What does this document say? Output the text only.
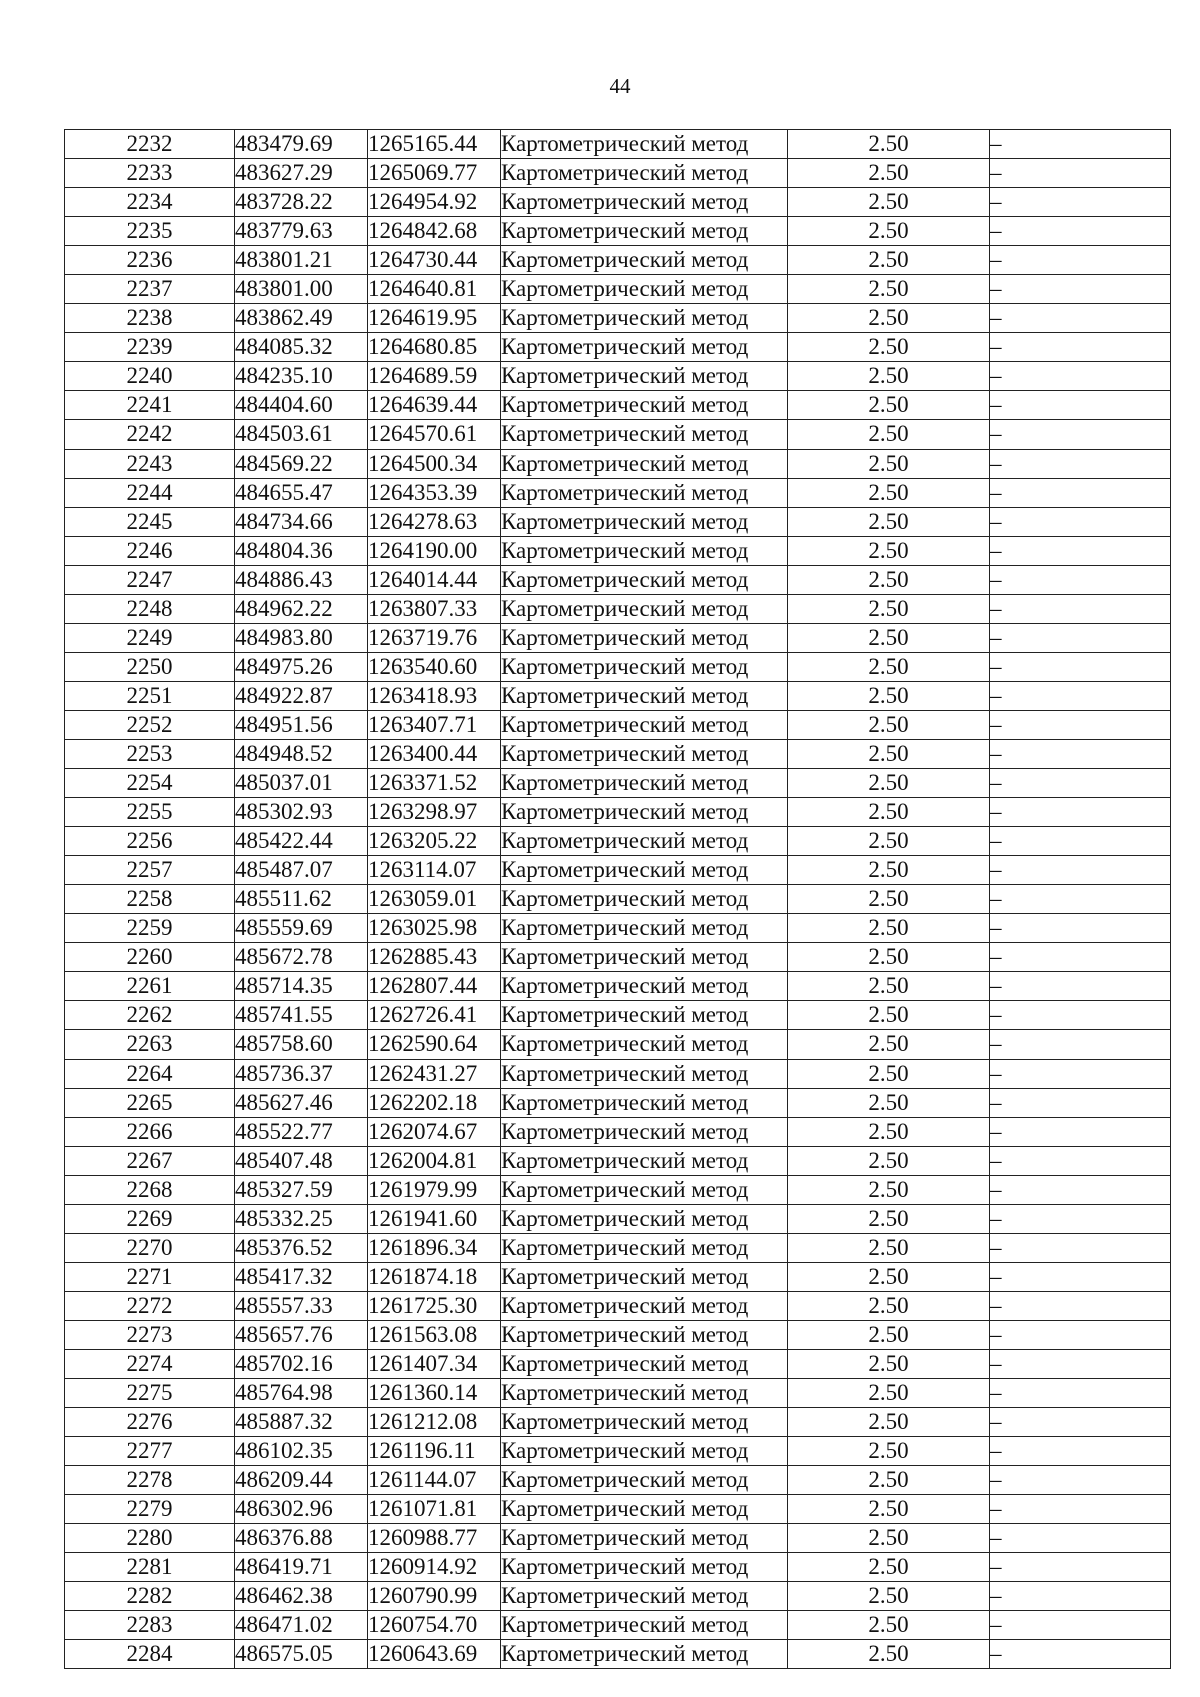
44
2232	483479.69	1265165.44	Картометрический метод	2.50	–
2233	483627.29	1265069.77	Картометрический метод	2.50	–
2234	483728.22	1264954.92	Картометрический метод	2.50	–
2235	483779.63	1264842.68	Картометрический метод	2.50	–
2236	483801.21	1264730.44	Картометрический метод	2.50	–
2237	483801.00	1264640.81	Картометрический метод	2.50	–
2238	483862.49	1264619.95	Картометрический метод	2.50	–
2239	484085.32	1264680.85	Картометрический метод	2.50	–
2240	484235.10	1264689.59	Картометрический метод	2.50	–
2241	484404.60	1264639.44	Картометрический метод	2.50	–
2242	484503.61	1264570.61	Картометрический метод	2.50	–
2243	484569.22	1264500.34	Картометрический метод	2.50	–
2244	484655.47	1264353.39	Картометрический метод	2.50	–
2245	484734.66	1264278.63	Картометрический метод	2.50	–
2246	484804.36	1264190.00	Картометрический метод	2.50	–
2247	484886.43	1264014.44	Картометрический метод	2.50	–
2248	484962.22	1263807.33	Картометрический метод	2.50	–
2249	484983.80	1263719.76	Картометрический метод	2.50	–
2250	484975.26	1263540.60	Картометрический метод	2.50	–
2251	484922.87	1263418.93	Картометрический метод	2.50	–
2252	484951.56	1263407.71	Картометрический метод	2.50	–
2253	484948.52	1263400.44	Картометрический метод	2.50	–
2254	485037.01	1263371.52	Картометрический метод	2.50	–
2255	485302.93	1263298.97	Картометрический метод	2.50	–
2256	485422.44	1263205.22	Картометрический метод	2.50	–
2257	485487.07	1263114.07	Картометрический метод	2.50	–
2258	485511.62	1263059.01	Картометрический метод	2.50	–
2259	485559.69	1263025.98	Картометрический метод	2.50	–
2260	485672.78	1262885.43	Картометрический метод	2.50	–
2261	485714.35	1262807.44	Картометрический метод	2.50	–
2262	485741.55	1262726.41	Картометрический метод	2.50	–
2263	485758.60	1262590.64	Картометрический метод	2.50	–
2264	485736.37	1262431.27	Картометрический метод	2.50	–
2265	485627.46	1262202.18	Картометрический метод	2.50	–
2266	485522.77	1262074.67	Картометрический метод	2.50	–
2267	485407.48	1262004.81	Картометрический метод	2.50	–
2268	485327.59	1261979.99	Картометрический метод	2.50	–
2269	485332.25	1261941.60	Картометрический метод	2.50	–
2270	485376.52	1261896.34	Картометрический метод	2.50	–
2271	485417.32	1261874.18	Картометрический метод	2.50	–
2272	485557.33	1261725.30	Картометрический метод	2.50	–
2273	485657.76	1261563.08	Картометрический метод	2.50	–
2274	485702.16	1261407.34	Картометрический метод	2.50	–
2275	485764.98	1261360.14	Картометрический метод	2.50	–
2276	485887.32	1261212.08	Картометрический метод	2.50	–
2277	486102.35	1261196.11	Картометрический метод	2.50	–
2278	486209.44	1261144.07	Картометрический метод	2.50	–
2279	486302.96	1261071.81	Картометрический метод	2.50	–
2280	486376.88	1260988.77	Картометрический метод	2.50	–
2281	486419.71	1260914.92	Картометрический метод	2.50	–
2282	486462.38	1260790.99	Картометрический метод	2.50	–
2283	486471.02	1260754.70	Картометрический метод	2.50	–
2284	486575.05	1260643.69	Картометрический метод	2.50	–
